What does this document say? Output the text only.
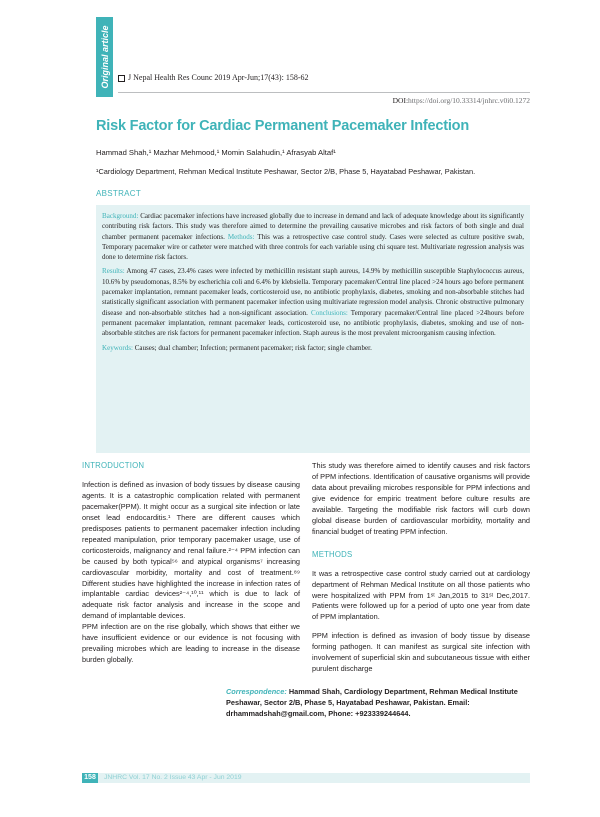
Original article	J Nepal Health Res Counc 2019 Apr-Jun;17(43): 158-62
DOI:https://doi.org/10.33314/jnhrc.v0i0.1272
Risk Factor for Cardiac Permanent Pacemaker Infection
Hammad Shah,¹ Mazhar Mehmood,¹ Momin Salahudin,¹ Afrasyab Altaf¹
¹Cardiology Department, Rehman Medical Institute Peshawar, Sector 2/B, Phase 5, Hayatabad Peshawar, Pakistan.
ABSTRACT

Background: Cardiac pacemaker infections have increased globally due to increase in demand and lack of adequate knowledge about its significantly contributing risk factors. This study was therefore aimed to determine the prevailing causative microbes and risk factors of both single and dual chamber permanent pacemaker infections. Methods: This was a retrospective case control study. Cases were selected as culture positive swab, Temporary pacemaker wire or catheter were matched with three controls for each variable using chi square test. Multivariate regression analysis was done to determine risk factors.

Results: Among 47 cases, 23.4% cases were infected by methicillin resistant staph aureus, 14.9% by methicillin susceptible Staphylococcus aureus, 10.6% by pseudomonas, 8.5% by escherichia coli and 6.4% by klebsiella. Temporary pacemaker/Central line placed >24 hours ago before permanent pacemaker implantation, remnant pacemaker leads, corticosteroid use, no antibiotic prophylaxis, diabetes, smoking and non-absorbable stitches had statistically significant association with permanent pacemaker infection using multivariate regression model analysis. Chronic obstructive pulmonary disease and non-absorbable stitches had a non-significant association. Conclusions: Temporary pacemaker/Central line placed >24hours before permanent pacemaker implantation, remnant pacemaker leads, corticosteroid use, no antibiotic prophylaxis, diabetes, smoking and use of non-absorbable stitches are risk factors for permanent pacemaker infection. Staph aureus is the most prevalent microorganism causing infection.

Keywords: Causes; dual chamber; Infection; permanent pacemaker; risk factor; single chamber.

INTRODUCTION

Infection is defined as invasion of body tissues by disease causing agents. It is a catastrophic complication related with permanent pacemaker(PPM). It might occur as a surgical site infection or late onset lead endocarditis.¹ There are different causes which predisposes patients to permanent pacemaker infection including repeated manipulation, prior temporary pacemaker usage, use of corticosteroids, malignancy and renal failure.²⁻⁴ PPM infection can be caused by both typical⁵⁶ and atypical organisms⁷ increasing cardiovascular morbidity, mortality and cost of treatment.⁸⁹ Different studies have highlighted the increase in infection rates of implantable cardiac devices²⁻⁴,¹⁰,¹¹ which is due to lack of adequate risk factor analysis and increase in the scope and demand of implantable devices.

PPM infection are on the rise globally, which shows that either we have insufficient evidence or our evidence is not focusing with prevailing microbes which are leading to increase in the disease burden globally.

This study was therefore aimed to identify causes and risk factors of PPM infections. Identification of causative organisms will provide data about prevailing microbes responsible for PPM infections and give evidence for empiric treatment before culture results are available. Targeting the modifiable risk factors will curb down global disease burden of cardiovascular morbidity, mortality and financial budget of treating PPM infection.

METHODS

It was a retrospective case control study carried out at cardiology department of Rehman Medical Institute on all those patients who were hospitalized with PPM from 1ˢᵗ Jan,2015 to 31ˢᵗ Dec,2017. Patients were followed up for a period of upto one year from date of PPM implantation.

PPM infection is defined as invasion of body tissue by disease forming pathogen. It can manifest as surgical site infection with involvement of superficial skin and subcutaneous tissue with either purulent discharge

Correspondence: Hammad Shah, Cardiology Department, Rehman Medical Institute Peshawar, Sector 2/B, Phase 5, Hayatabad Peshawar, Pakistan. Email: drhammadshah@gmail.com, Phone: +923339244644.
158	JNHRC Vol. 17 No. 2 Issue 43 Apr - Jun 2019
